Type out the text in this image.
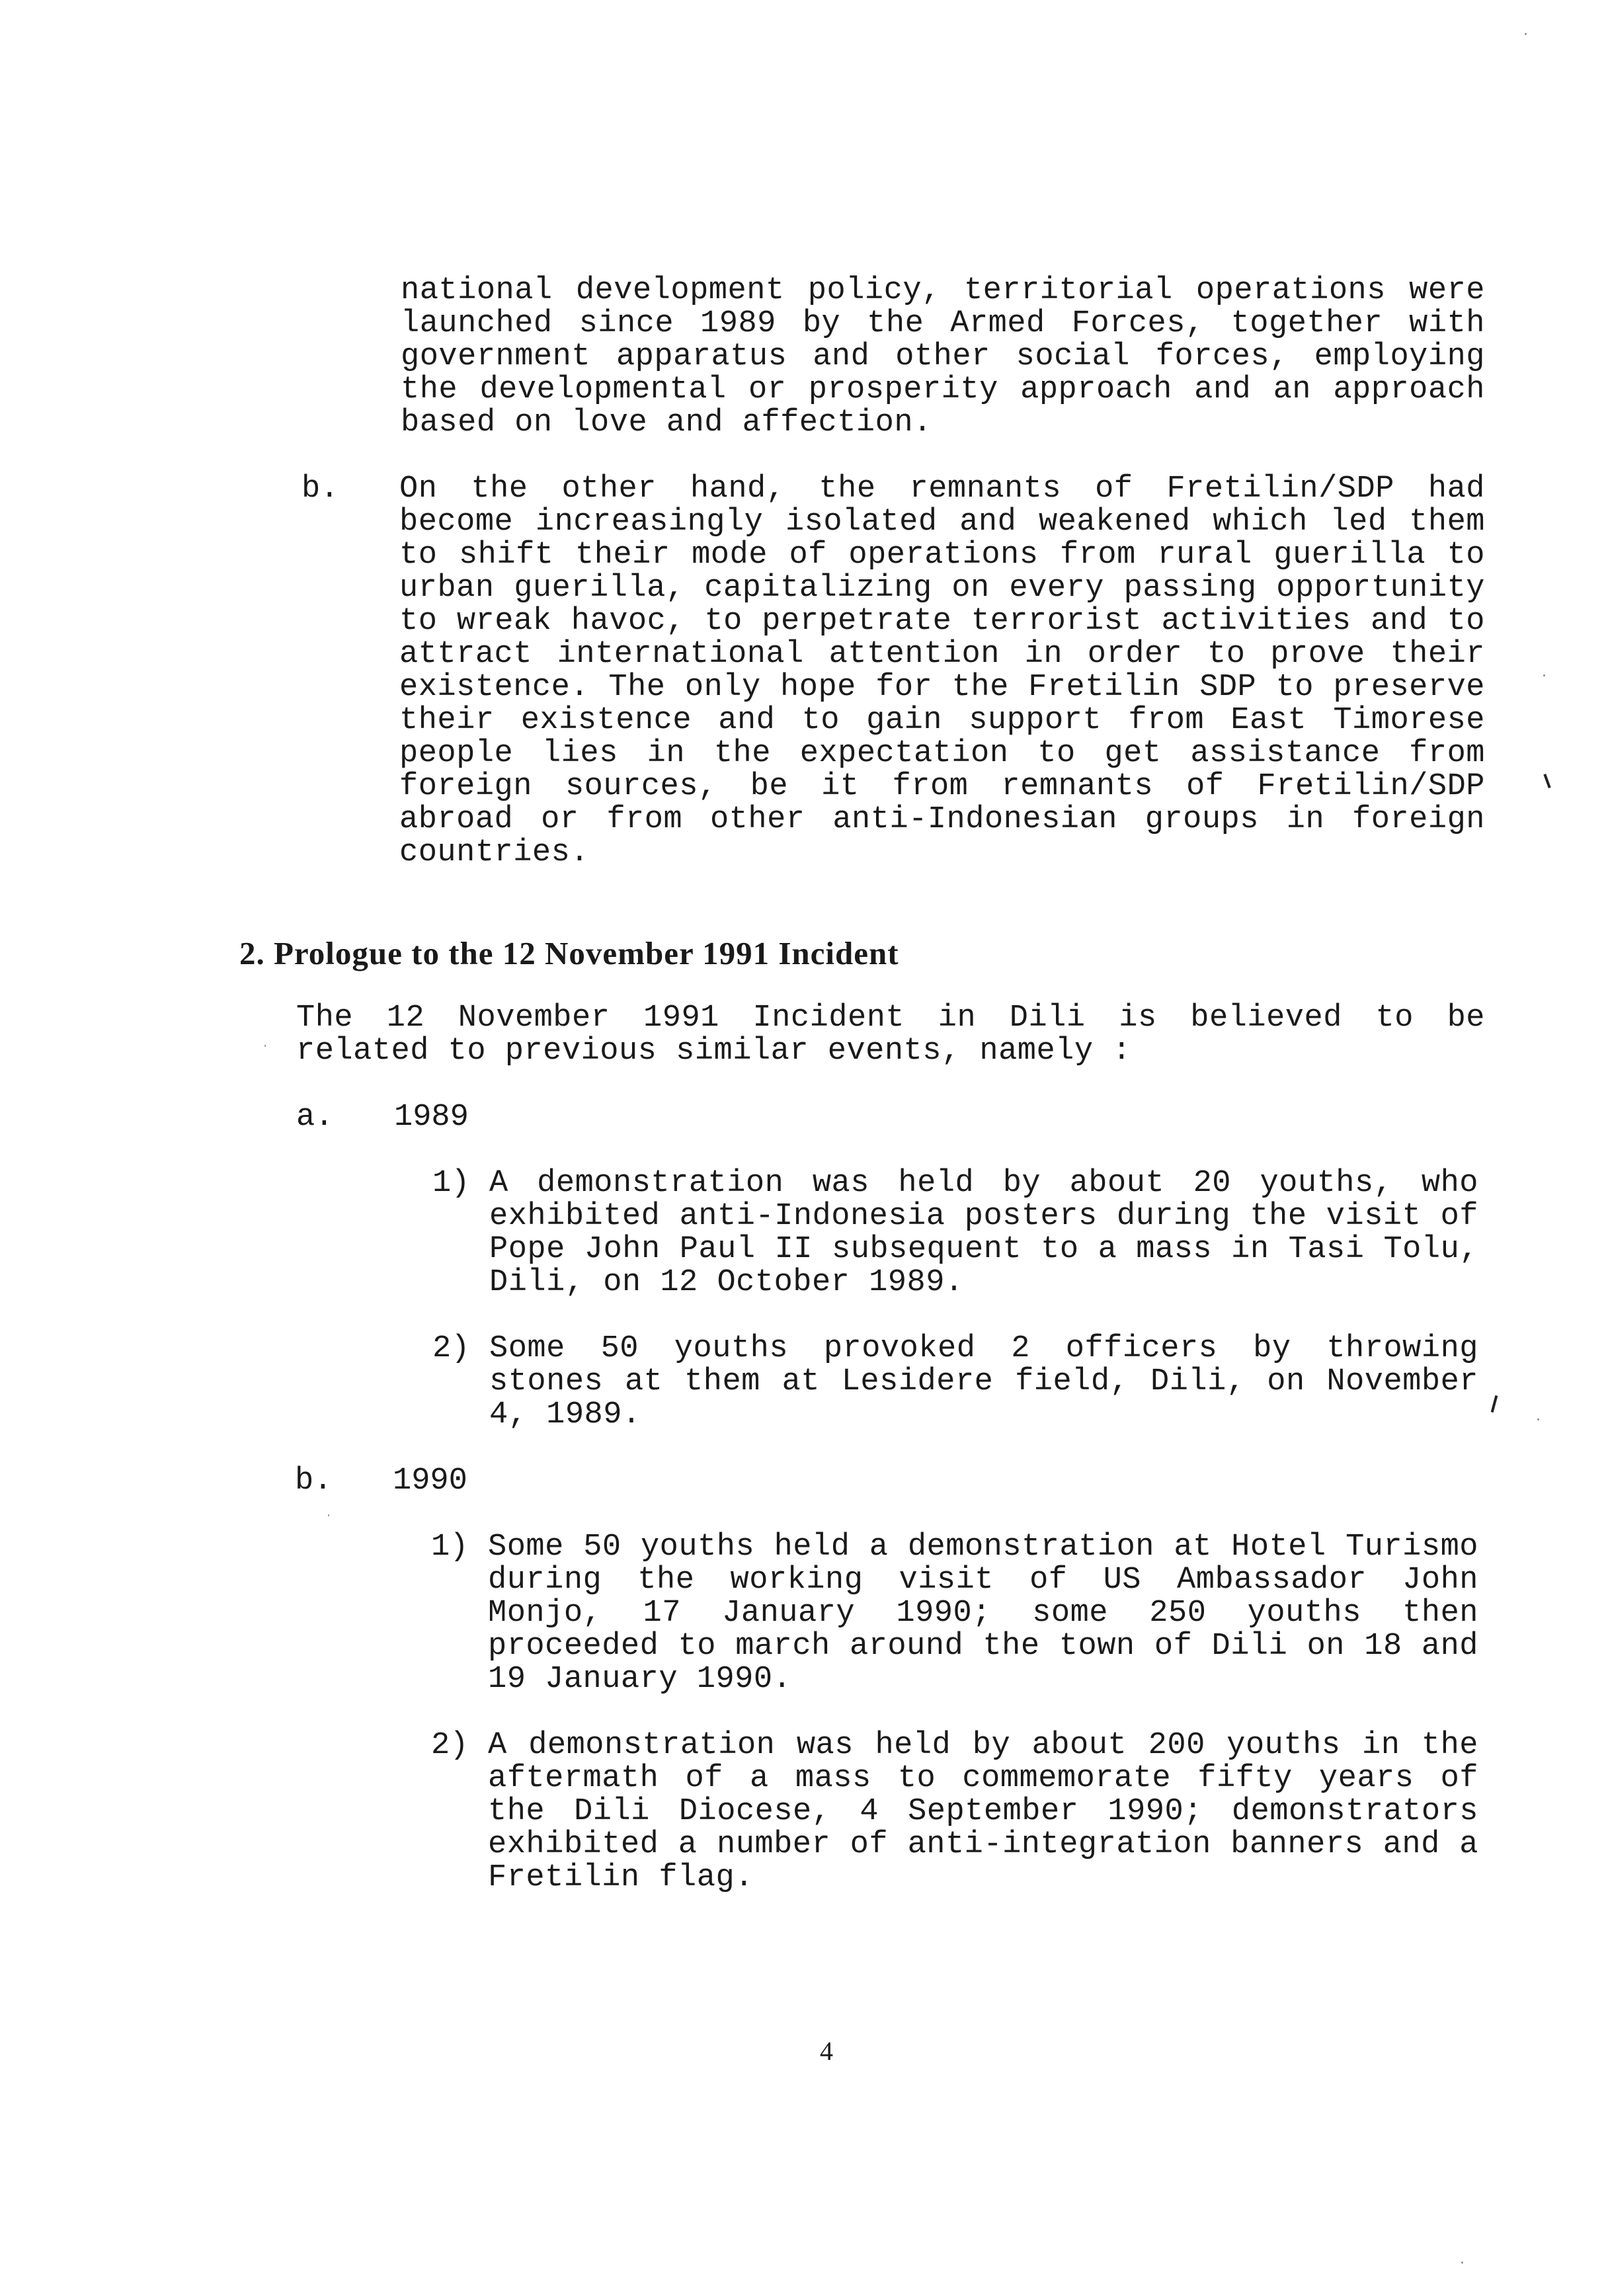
national development policy, territorial operations were launched since 1989 by the Armed Forces, together with government apparatus and other social forces, employing the developmental or prosperity approach and an approach based on love and affection.
b. On the other hand, the remnants of Fretilin/SDP had become increasingly isolated and weakened which led them to shift their mode of operations from rural guerilla to urban guerilla, capitalizing on every passing opportunity to wreak havoc, to perpetrate terrorist activities and to attract international attention in order to prove their existence. The only hope for the Fretilin SDP to preserve their existence and to gain support from East Timorese people lies in the expectation to get assistance from foreign sources, be it from remnants of Fretilin/SDP abroad or from other anti-Indonesian groups in foreign countries.
2. Prologue to the 12 November 1991 Incident
The 12 November 1991 Incident in Dili is believed to be related to previous similar events, namely :
a. 1989
1) A demonstration was held by about 20 youths, who exhibited anti-Indonesia posters during the visit of Pope John Paul II subsequent to a mass in Tasi Tolu, Dili, on 12 October 1989.
2) Some 50 youths provoked 2 officers by throwing stones at them at Lesidere field, Dili, on November 4, 1989.
b. 1990
1) Some 50 youths held a demonstration at Hotel Turismo during the working visit of US Ambassador John Monjo, 17 January 1990; some 250 youths then proceeded to march around the town of Dili on 18 and 19 January 1990.
2) A demonstration was held by about 200 youths in the aftermath of a mass to commemorate fifty years of the Dili Diocese, 4 September 1990; demonstrators exhibited a number of anti-integration banners and a Fretilin flag.
4
